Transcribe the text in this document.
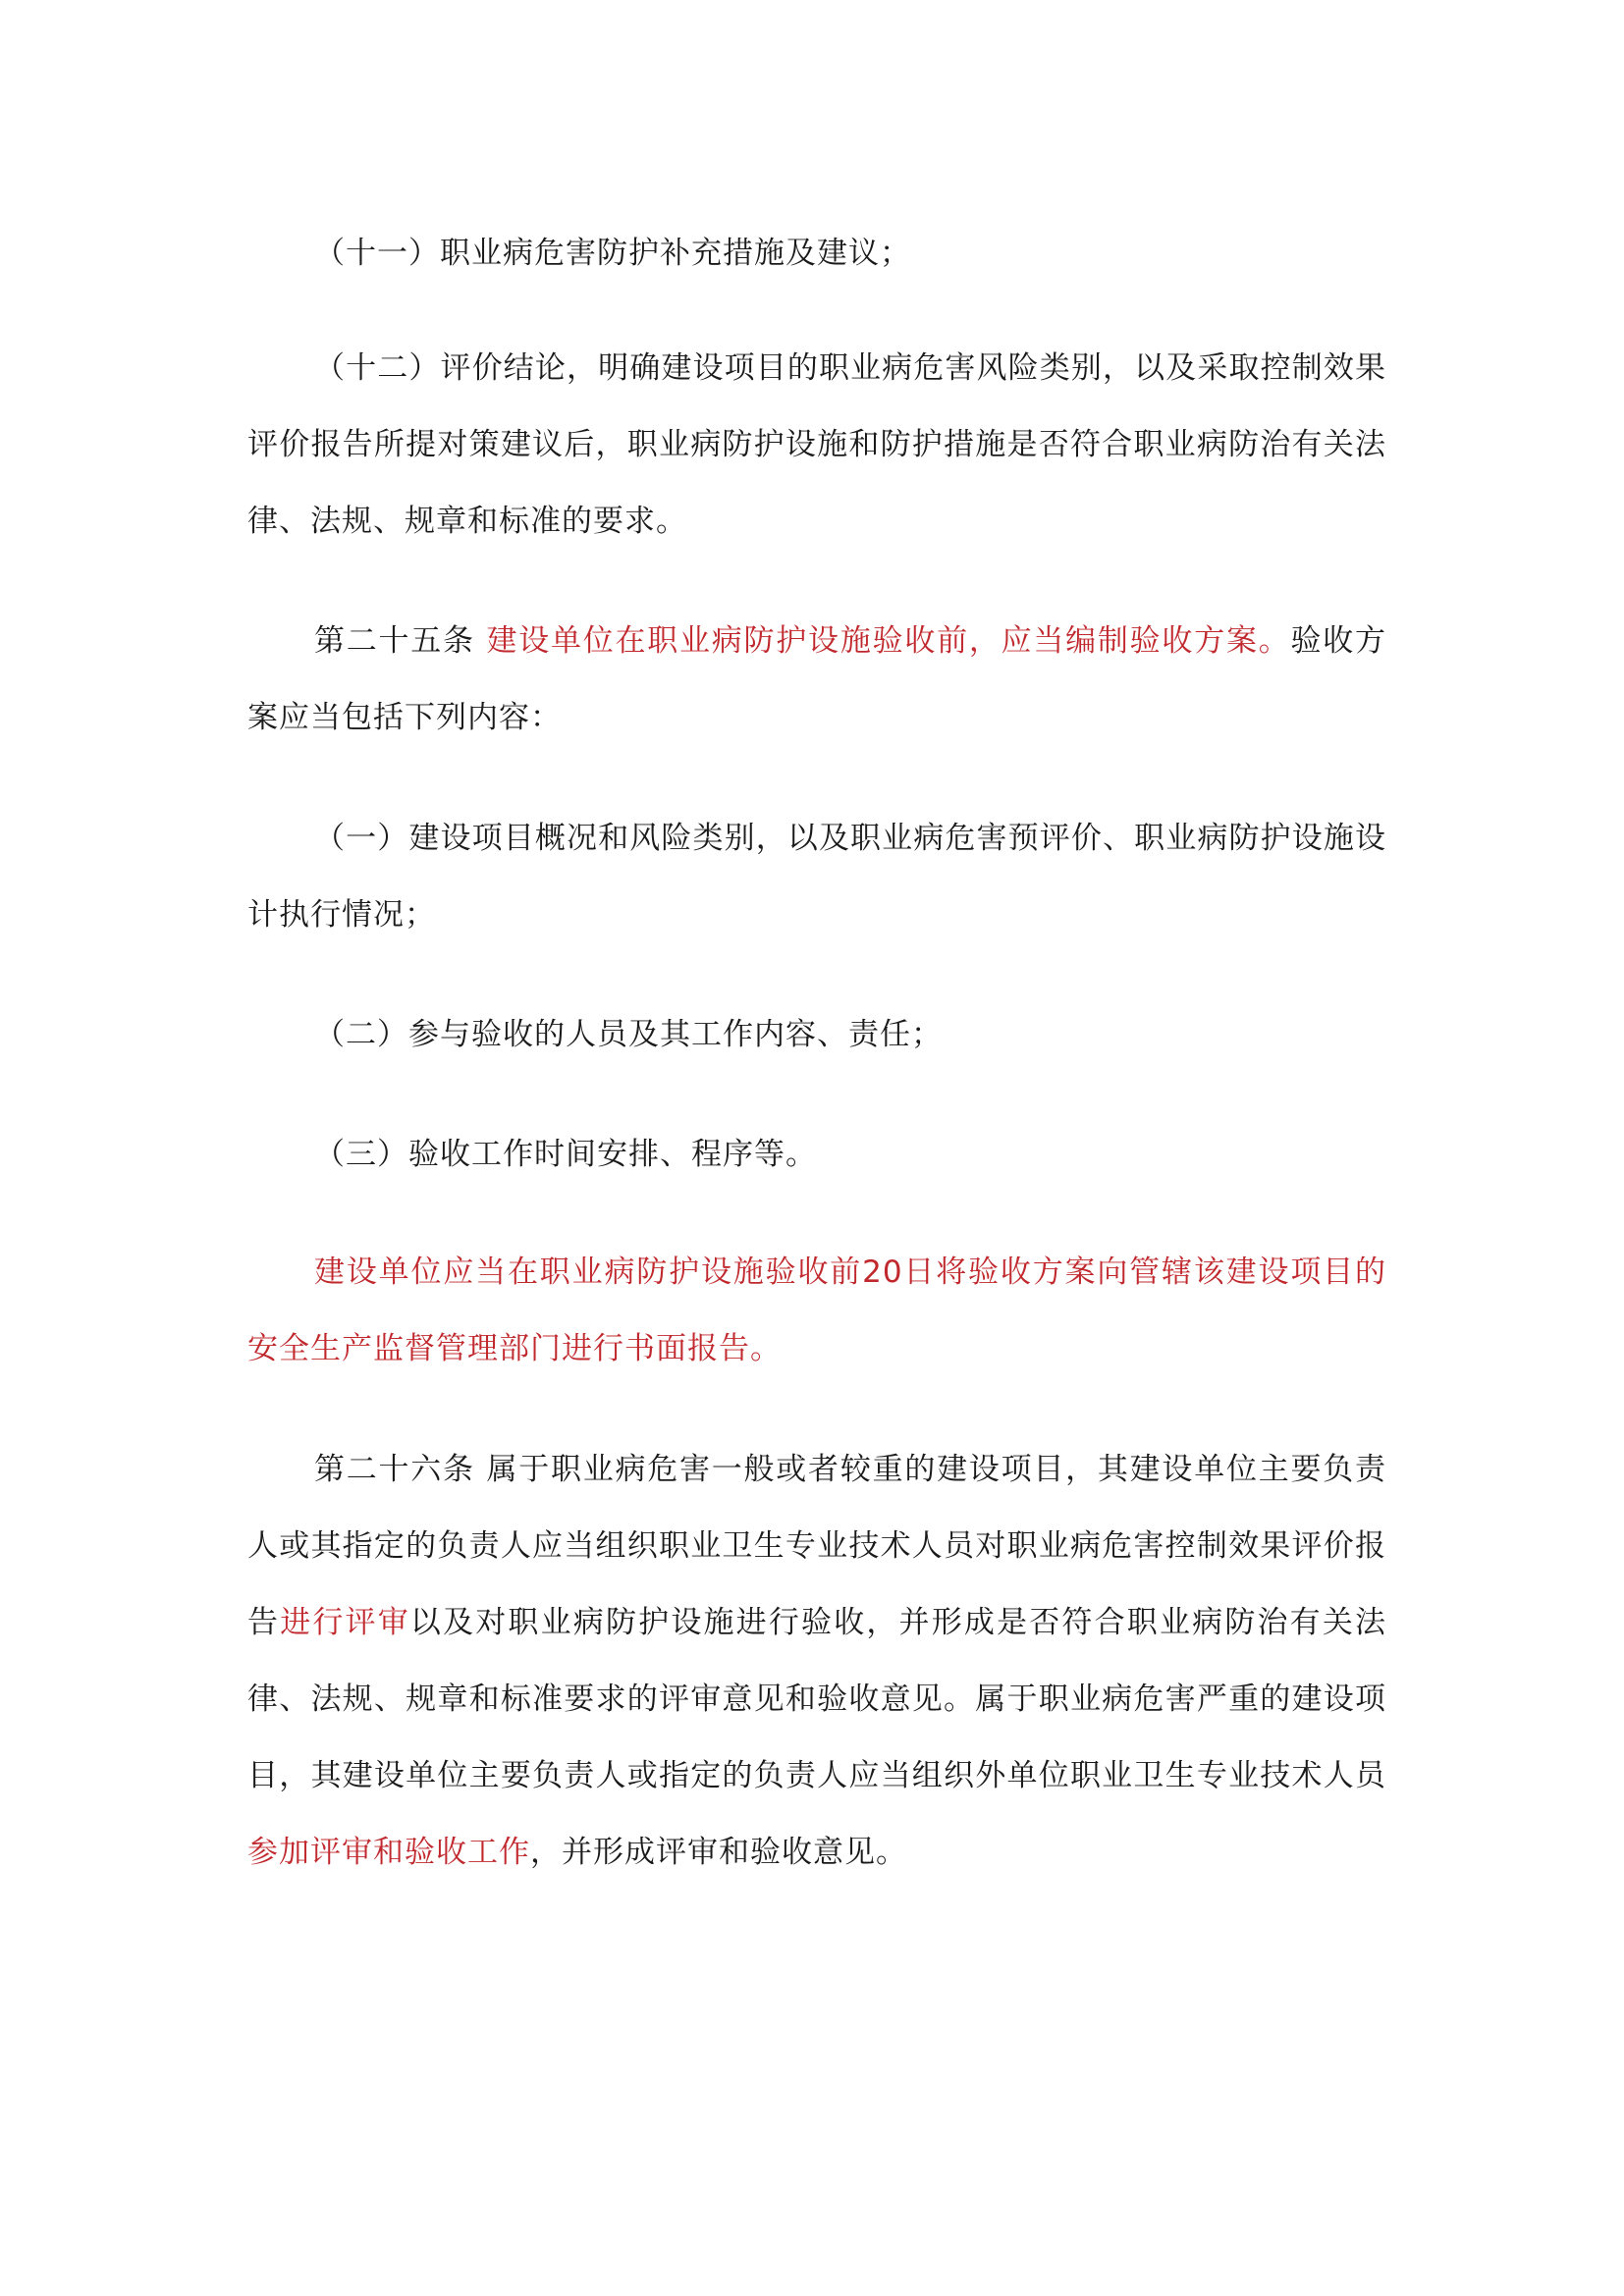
（十一）职业病危害防护补充措施及建议；
（十二）评价结论，明确建设项目的职业病危害风险类别，以及采取控制效果评价报告所提对策建议后，职业病防护设施和防护措施是否符合职业病防治有关法律、法规、规章和标准的要求。
第二十五条 建设单位在职业病防护设施验收前，应当编制验收方案。验收方案应当包括下列内容：
（一）建设项目概况和风险类别，以及职业病危害预评价、职业病防护设施设计执行情况；
（二）参与验收的人员及其工作内容、责任；
（三）验收工作时间安排、程序等。
建设单位应当在职业病防护设施验收前20日将验收方案向管辖该建设项目的安全生产监督管理部门进行书面报告。
第二十六条 属于职业病危害一般或者较重的建设项目，其建设单位主要负责人或其指定的负责人应当组织职业卫生专业技术人员对职业病危害控制效果评价报告进行评审以及对职业病防护设施进行验收，并形成是否符合职业病防治有关法律、法规、规章和标准要求的评审意见和验收意见。属于职业病危害严重的建设项目，其建设单位主要负责人或指定的负责人应当组织外单位职业卫生专业技术人员参加评审和验收工作，并形成评审和验收意见。
